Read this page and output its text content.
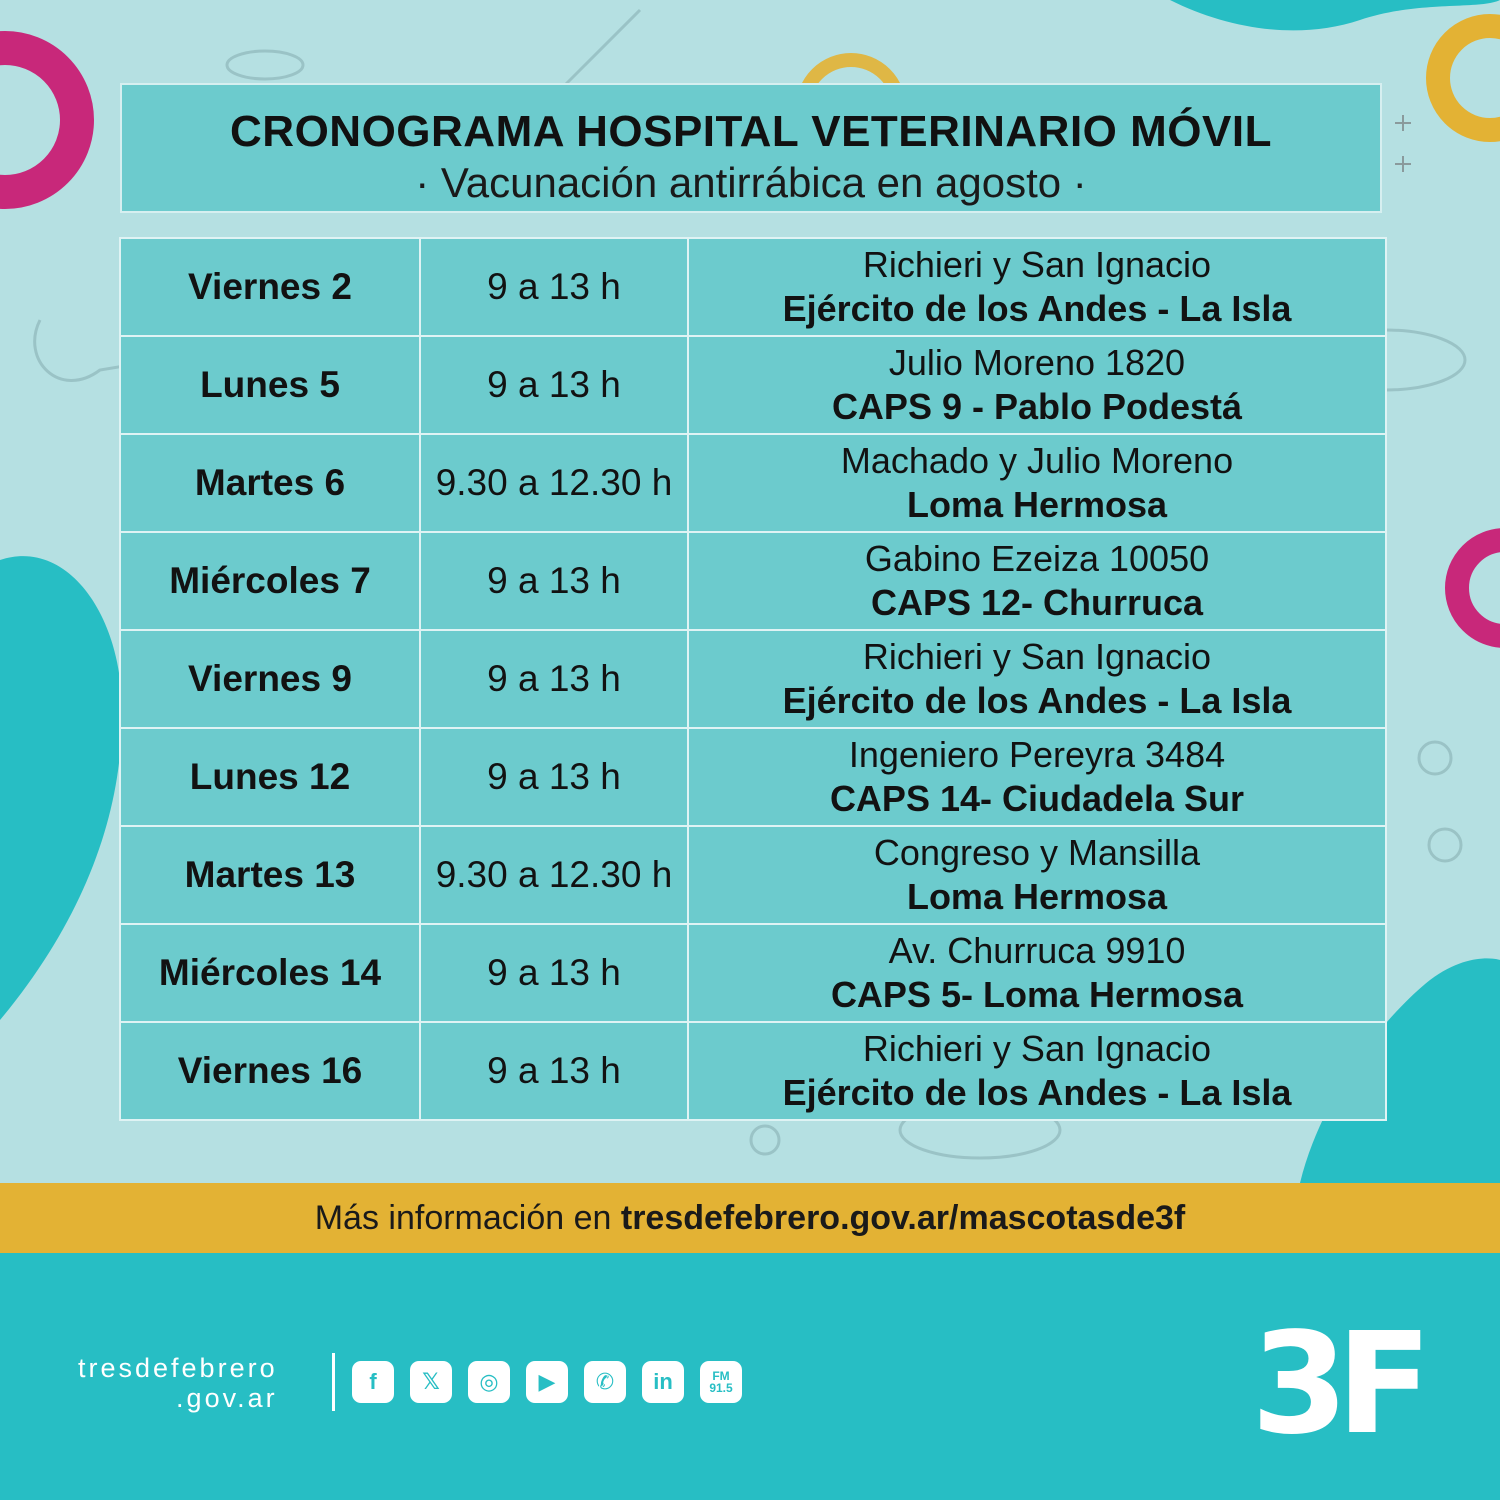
CRONOGRAMA HOSPITAL VETERINARIO MÓVIL
· Vacunación antirrábica en agosto ·
Viernes 2	9 a 13 h	Richieri y San Ignacio
Ejército de los Andes - La Isla

Lunes 5	9 a 13 h	Julio Moreno 1820
CAPS 9 - Pablo Podestá

Martes 6	9.30 a 12.30 h	Machado y Julio Moreno
Loma Hermosa

Miércoles 7	9 a 13 h	Gabino Ezeiza 10050
CAPS 12- Churruca

Viernes 9	9 a 13 h	Richieri y San Ignacio
Ejército de los Andes - La Isla

Lunes 12	9 a 13 h	Ingeniero Pereyra 3484
CAPS 14- Ciudadela Sur

Martes 13	9.30 a 12.30 h	Congreso y Mansilla
Loma Hermosa

Miércoles 14	9 a 13 h	Av. Churruca 9910
CAPS 5- Loma Hermosa

Viernes 16	9 a 13 h	Richieri y San Ignacio
Ejército de los Andes - La Isla
Más información en tresdefebrero.gov.ar/mascotasde3f
tresdefebrero
.gov.ar
f	𝕏	◎	▶	✆	in	FM
91.5	3F
